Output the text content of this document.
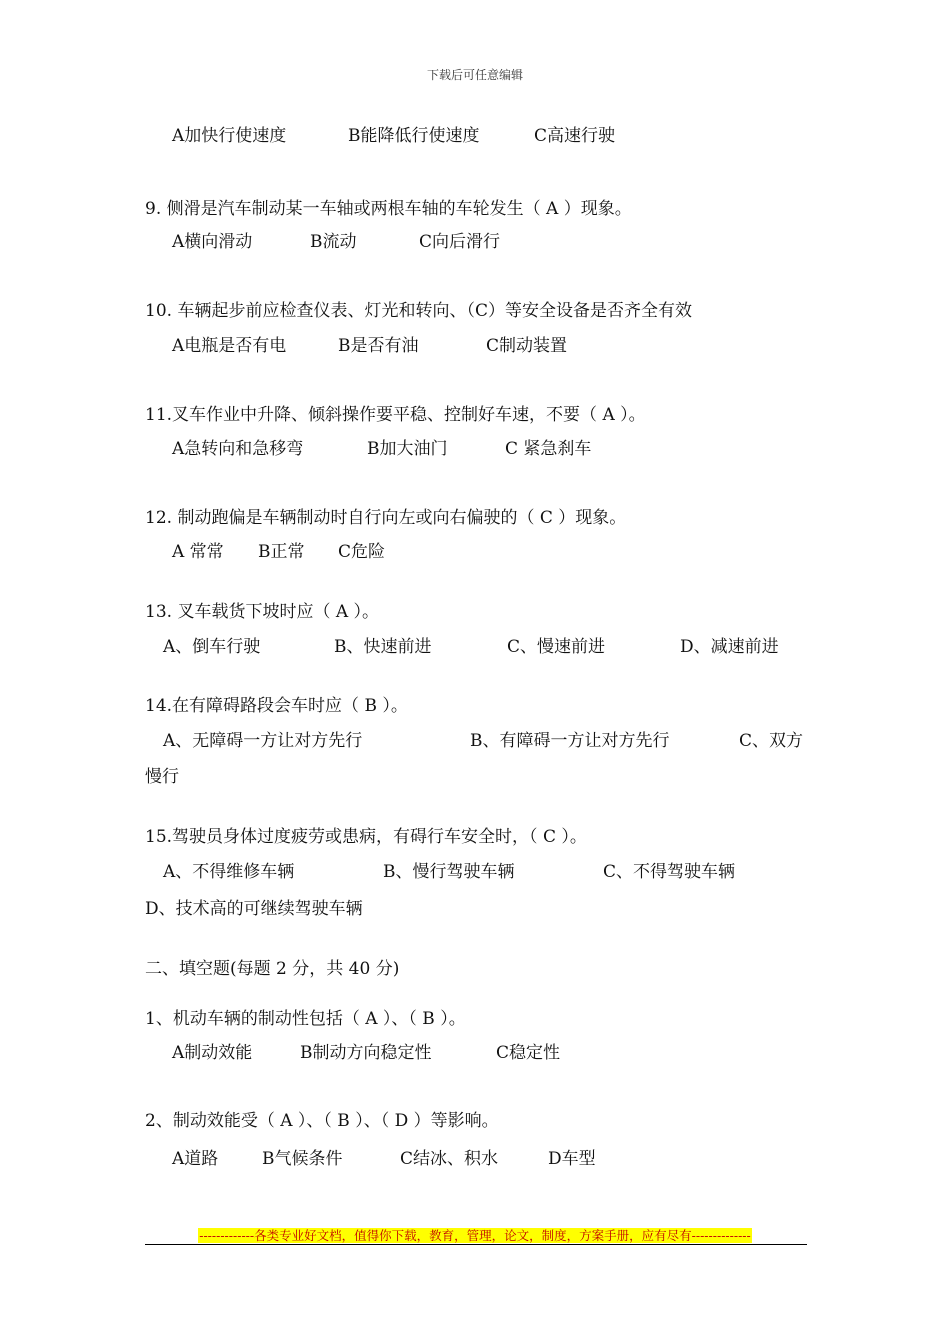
下载后可任意编辑
A加快行使速度	B能降低行使速度	C高速行驶
9. 侧滑是汽车制动某一车轴或两根车轴的车轮发生（ A ）现象。
A横向滑动	B流动	C向后滑行
10. 车辆起步前应检查仪表、灯光和转向、（C）等安全设备是否齐全有效
A电瓶是否有电	B是否有油	C制动装置
11.叉车作业中升降、倾斜操作要平稳、控制好车速，不要（ A ）。
A急转向和急移弯	B加大油门	C 紧急刹车
12. 制动跑偏是车辆制动时自行向左或向右偏驶的（ C ）现象。
A 常常 B正常 C危险
13. 叉车载货下坡时应（ A ）。
A、倒车行驶	B、快速前进	C、慢速前进	D、减速前进
14.在有障碍路段会车时应（ B ）。
A、无障碍一方让对方先行	B、有障碍一方让对方先行	C、双方
慢行
15.驾驶员身体过度疲劳或患病，有碍行车安全时，（ C ）。
A、不得维修车辆	B、慢行驾驶车辆	C、不得驾驶车辆
D、技术高的可继续驾驶车辆
二、填空题(每题 2 分，共 40 分)
1、机动车辆的制动性包括（ A ）、（ B ）。
A制动效能	B制动方向稳定性	C稳定性
2、制动效能受（ A ）、（ B ）、（ D ）等影响。
A道路	B气候条件	C结冰、积水	D车型
-------------各类专业好文档，值得你下载，教育，管理，论文，制度，方案手册，应有尽有--------------
